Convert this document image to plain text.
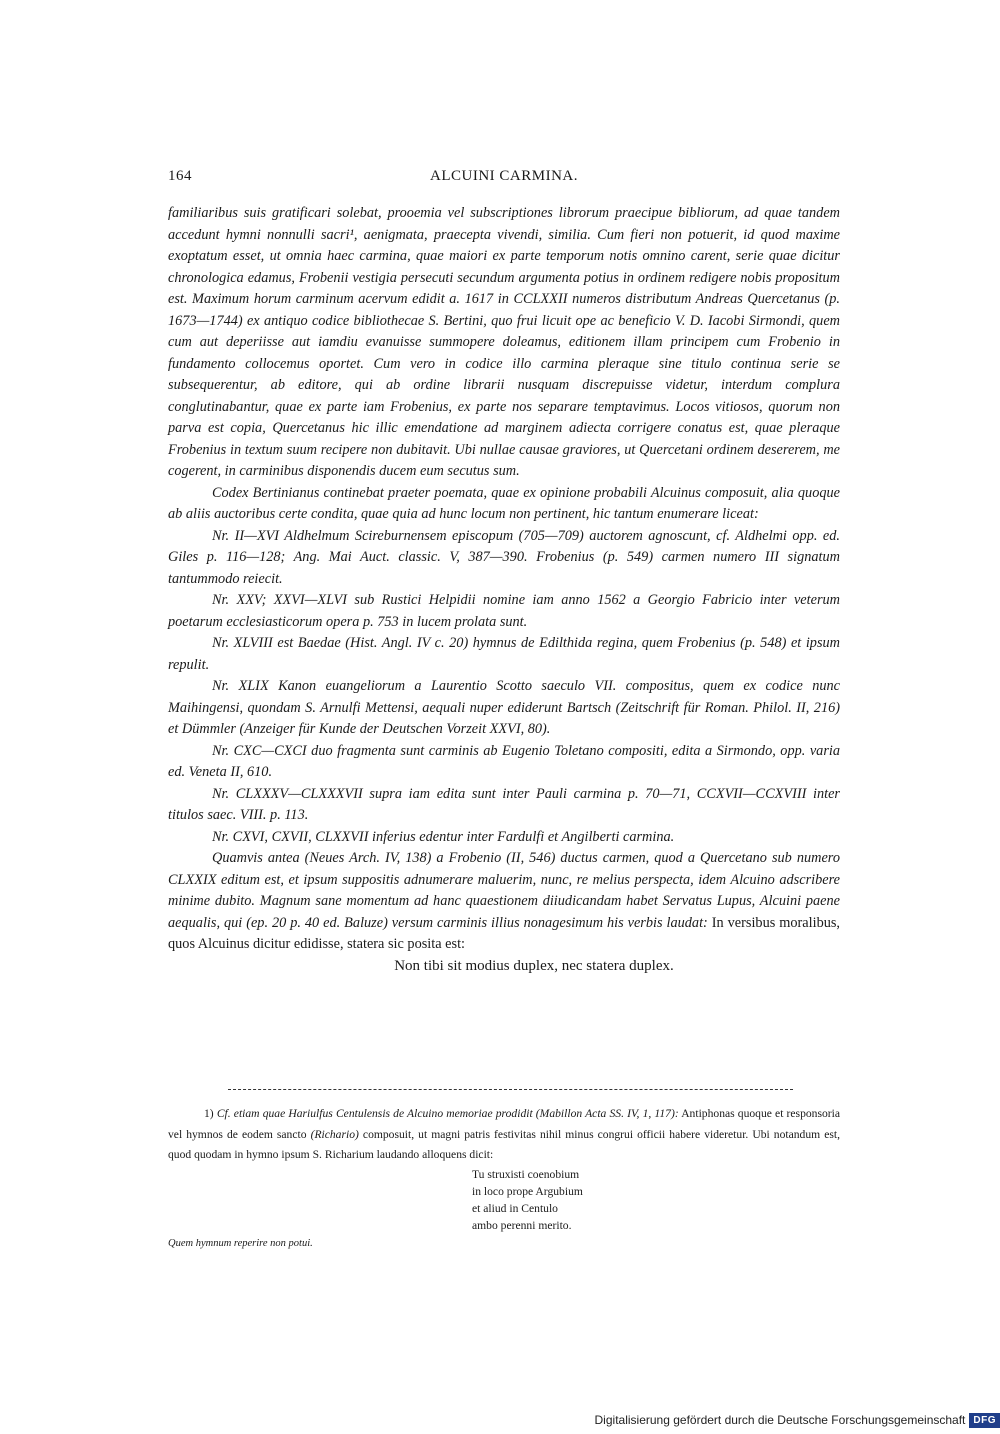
164	ALCUINI CARMINA.

familiaribus suis gratificari solebat, prooemia vel subscriptiones librorum praecipue bibliorum, ad quae tandem accedunt hymni nonnulli sacri¹, aenigmata, praecepta vivendi, similia. Cum fieri non potuerit, id quod maxime exoptatum esset, ut omnia haec carmina, quae maiori ex parte temporum notis omnino carent, serie quae dicitur chronologica edamus, Frobenii vestigia persecuti secundum argumenta potius in ordinem redigere nobis propositum est. Maximum horum carminum acervum edidit a. 1617 in CCLXXII numeros distributum Andreas Quercetanus (p. 1673—1744) ex antiquo codice bibliothecae S. Bertini, quo frui licuit ope ac beneficio V. D. Iacobi Sirmondi, quem cum aut deperiisse aut iamdiu evanuisse summopere doleamus, editionem illam principem cum Frobenio in fundamento collocemus oportet. Cum vero in codice illo carmina pleraque sine titulo continua serie se subsequerentur, ab editore, qui ab ordine librarii nusquam discrepuisse videtur, interdum complura conglutinabantur, quae ex parte iam Frobenius, ex parte nos separare temptavimus. Locos vitiosos, quorum non parva est copia, Quercetanus hic illic emendatione ad marginem adiecta corrigere conatus est, quae pleraque Frobenius in textum suum recipere non dubitavit. Ubi nullae causae graviores, ut Quercetani ordinem desererem, me cogerent, in carminibus disponendis ducem eum secutus sum.

Codex Bertinianus continebat praeter poemata, quae ex opinione probabili Alcuinus composuit, alia quoque ab aliis auctoribus certe condita, quae quia ad hunc locum non pertinent, hic tantum enumerare liceat:

Nr. II—XVI Aldhelmum Scireburnensem episcopum (705—709) auctorem agnoscunt, cf. Aldhelmi opp. ed. Giles p. 116—128; Ang. Mai Auct. classic. V, 387—390. Frobenius (p. 549) carmen numero III signatum tantummodo reiecit.

Nr. XXV; XXVI—XLVI sub Rustici Helpidii nomine iam anno 1562 a Georgio Fabricio inter veterum poetarum ecclesiasticorum opera p. 753 in lucem prolata sunt.

Nr. XLVIII est Baedae (Hist. Angl. IV c. 20) hymnus de Edilthida regina, quem Frobenius (p. 548) et ipsum repulit.

Nr. XLIX Kanon euangeliorum a Laurentio Scotto saeculo VII. compositus, quem ex codice nunc Maihingensi, quondam S. Arnulfi Mettensi, aequali nuper ediderunt Bartsch (Zeitschrift für Roman. Philol. II, 216) et Dümmler (Anzeiger für Kunde der Deutschen Vorzeit XXVI, 80).

Nr. CXC—CXCI duo fragmenta sunt carminis ab Eugenio Toletano compositi, edita a Sirmondo, opp. varia ed. Veneta II, 610.

Nr. CLXXXV—CLXXXVII supra iam edita sunt inter Pauli carmina p. 70—71, CCXVII—CCXVIII inter titulos saec. VIII. p. 113.

Nr. CXVI, CXVII, CLXXVII inferius edentur inter Fardulfi et Angilberti carmina.

Quamvis antea (Neues Arch. IV, 138) a Frobenio (II, 546) ductus carmen, quod a Quercetano sub numero CLXXIX editum est, et ipsum suppositis adnumerare maluerim, nunc, re melius perspecta, idem Alcuino adscribere minime dubito. Magnum sane momentum ad hanc quaestionem diiudicandam habet Servatus Lupus, Alcuini paene aequalis, qui (ep. 20 p. 40 ed. Baluze) versum carminis illius nonagesimum his verbis laudat: In versibus moralibus, quos Alcuinus dicitur edidisse, statera sic posita est:

Non tibi sit modius duplex, nec statera duplex.

1) Cf. etiam quae Hariulfus Centulensis de Alcuino memoriae prodidit (Mabillon Acta SS. IV, 1, 117): Antiphonas quoque et responsoria vel hymnos de eodem sancto (Richario) composuit, ut magni patris festivitas nihil minus congrui officii habere videretur. Ubi notandum est, quod quodam in hymno ipsum S. Richarium laudando alloquens dicit:

Tu struxisti coenobium
in loco prope Argubium
et aliud in Centulo
ambo perenni merito.

Quem hymnum reperire non potui.

Digitalisierung gefördert durch die Deutsche Forschungsgemeinschaft DFG
